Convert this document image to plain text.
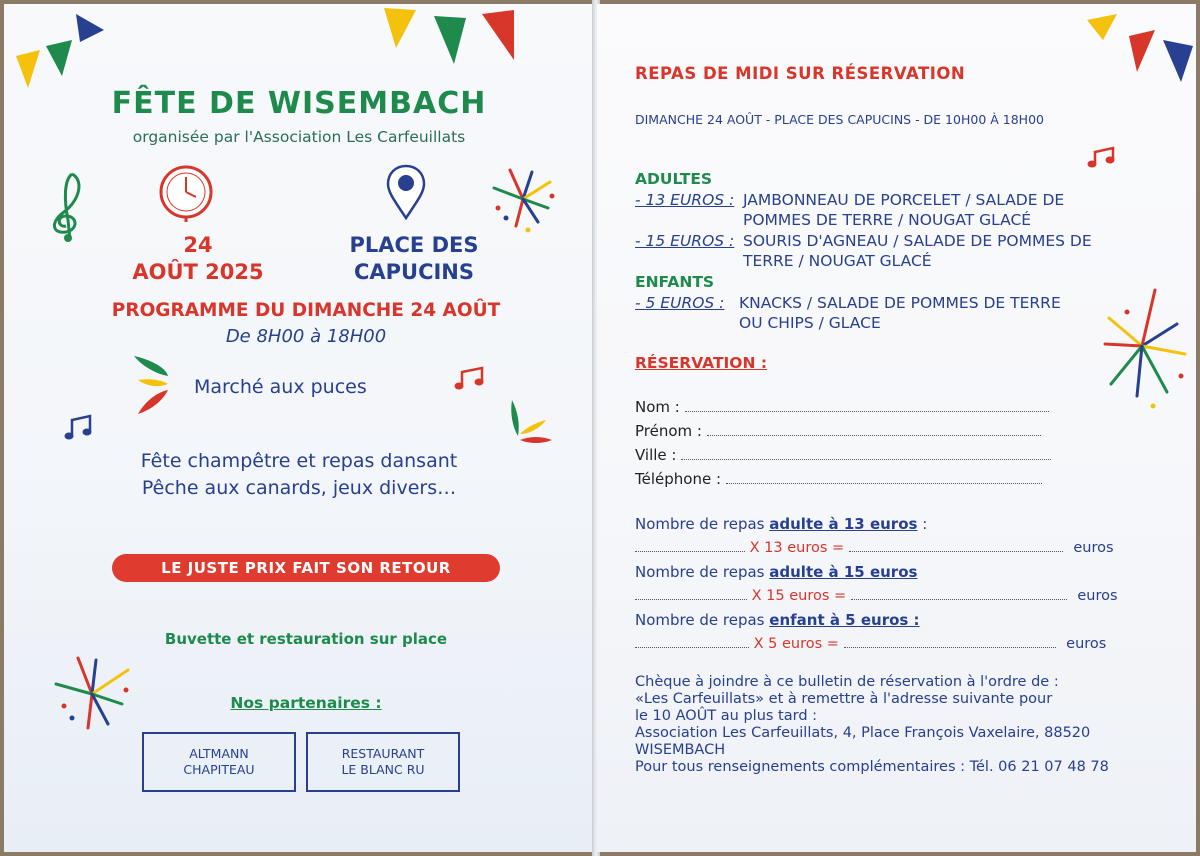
FÊTE DE WISEMBACH
organisée par l'Association Les Carfeuillats
24
AOÛT 2025
PLACE DES
CAPUCINS
PROGRAMME DU DIMANCHE 24 AOÛT
De 8H00 à 18H00
Marché aux puces
Fête champêtre et repas dansant
Pêche aux canards, jeux divers…
LE JUSTE PRIX FAIT SON RETOUR
Buvette et restauration sur place
Nos partenaires :
ALTMANN
CHAPITEAU
RESTAURANT
LE BLANC RU
REPAS DE MIDI SUR RÉSERVATION
DIMANCHE 24 AOÛT - PLACE DES CAPUCINS - DE 10H00 À 18H00
ADULTES
- 13 EUROS : JAMBONNEAU DE PORCELET / SALADE DE
POMMES DE TERRE / NOUGAT GLACÉ
- 15 EUROS : SOURIS D'AGNEAU / SALADE DE POMMES DE
TERRE / NOUGAT GLACÉ
ENFANTS
- 5 EUROS : KNACKS / SALADE DE POMMES DE TERRE
OU CHIPS / GLACE
RÉSERVATION :
Nom :
Prénom :
Ville :
Téléphone :
Nombre de repas adulte à 13 euros :
X 13 euros =	euros
Nombre de repas adulte à 15 euros
X 15 euros =	euros
Nombre de repas enfant à 5 euros :
X 5 euros =	euros
Chèque à joindre à ce bulletin de réservation à l'ordre de :
«Les Carfeuillats» et à remettre à l'adresse suivante pour
le 10 AOÛT au plus tard :
Association Les Carfeuillats, 4, Place François Vaxelaire, 88520
WISEMBACH
Pour tous renseignements complémentaires : Tél. 06 21 07 48 78
